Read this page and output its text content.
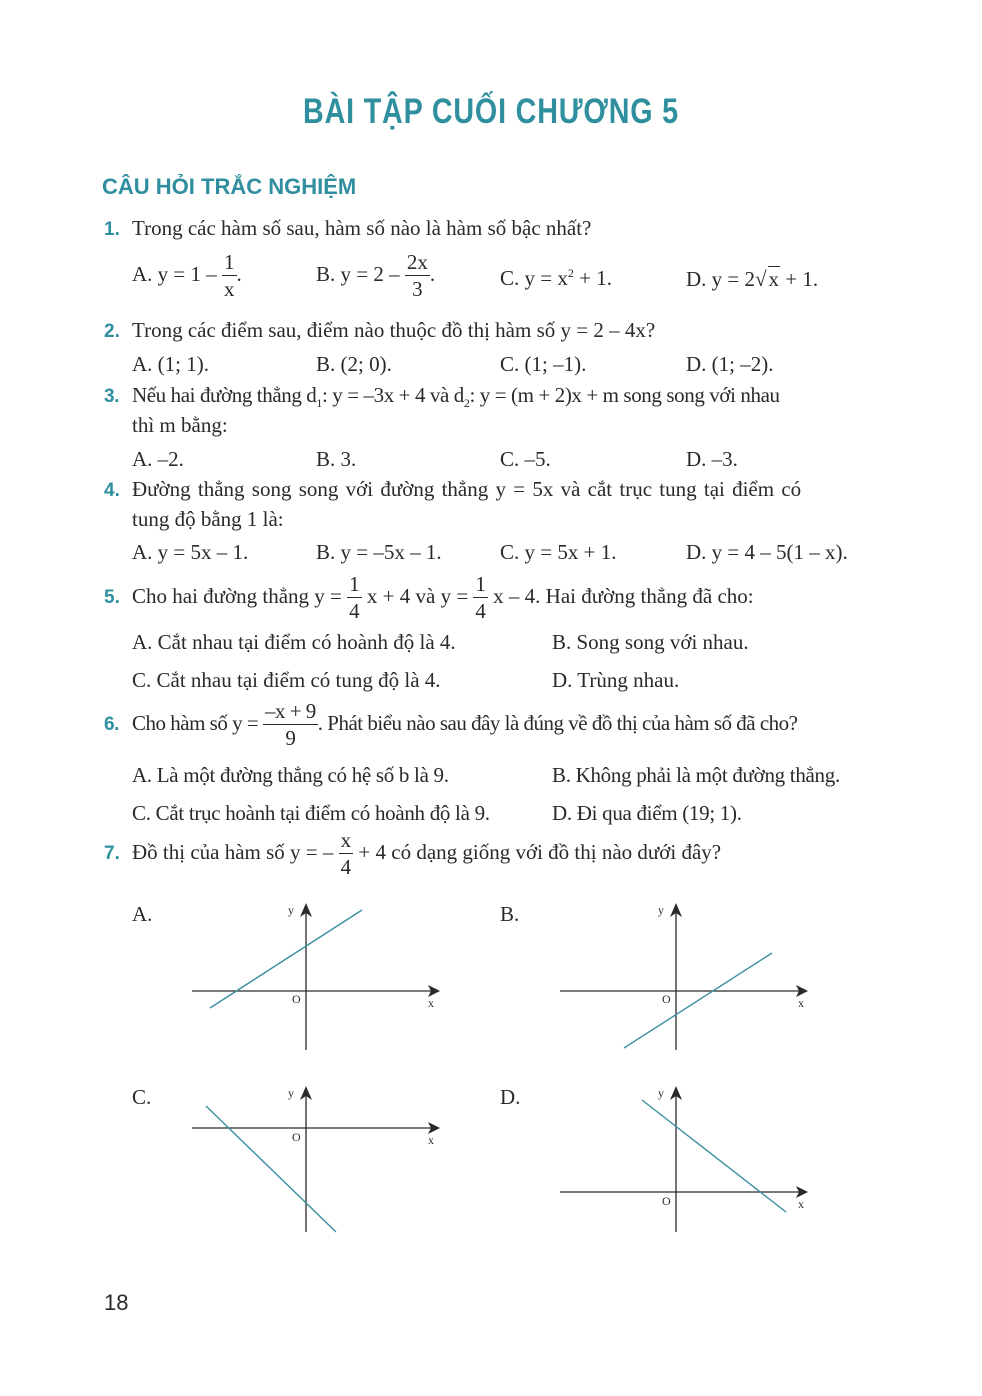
BÀI TẬP CUỐI CHƯƠNG 5
CÂU HỎI TRẮC NGHIỆM
1. Trong các hàm số sau, hàm số nào là hàm số bậc nhất?
A. $y = 1 - \frac{1}{x}$ .	B. $y = 2 - \frac{2x}{3}$ .	C. $y = x^2 + 1$.	D. y = 2√x + 1.
2. Trong các điểm sau, điểm nào thuộc đồ thị hàm số y = 2 – 4x?
A. (1; 1).	B. (2; 0).	C. (1; –1).	D. (1; –2).
3. Nếu hai đường thẳng $d_1$: y = –3x + 4 và $d_2$: y = (m + 2)x + m song song với nhau
thì m bằng:
A. –2.	B. 3.	C. –5.	D. –3.
4. Đường thẳng song song với đường thẳng y = 5x và cắt trục tung tại điểm có
tung độ bằng 1 là:
A. y = 5x – 1.	B. y = –5x – 1.	C. y = 5x + 1.	D. y = 4 – 5(1 – x).
5. Cho hai đường thẳng $y = \frac{1}{4}$ x + 4 và $y = \frac{1}{4}$ x – 4. Hai đường thẳng đã cho:
A. Cắt nhau tại điểm có hoành độ là 4.	B. Song song với nhau.
C. Cắt nhau tại điểm có tung độ là 4.	D. Trùng nhau.
6. Cho hàm số $y = \frac{-x + 9}{9}$ . Phát biểu nào sau đây là đúng về đồ thị của hàm số đã cho?
A. Là một đường thẳng có hệ số b là 9.	B. Không phải là một đường thẳng.
C. Cắt trục hoành tại điểm có hoành độ là 9.	D. Đi qua điểm (19; 1).
7. Đồ thị của hàm số y = – $\frac{x}{4} + 4$ có dạng giống với đồ thị nào dưới đây?
A.	B.
C.	D.
x
y
O	x
y
O
x
y
O
x
y
O
18
